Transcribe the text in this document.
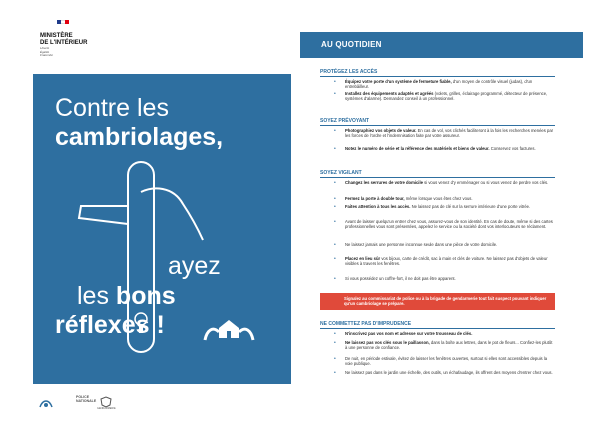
MINISTÈRE
DE L'INTÉRIEUR
Liberté
Égalité
Fraternité
Contre les
cambriolages,
ayez
les bons
réflexes !
POLICE
NATIONALE
GENDARMERIE
AU QUOTIDIEN
PROTÉGEZ LES ACCÈS
• Équipez votre porte d'un système de fermeture fiable, d'un moyen de contrôle visuel (judas), d'un entrebâilleur.
• Installez des équipements adaptés et agréés (volets, grilles, éclairage programmé, détecteur de présence, systèmes d'alarme). Demandez conseil à un professionnel.
SOYEZ PRÉVOYANT
• Photographiez vos objets de valeur. En cas de vol, vos clichés faciliteront à la fois les recherches menées par les forces de l'ordre et l'indemnisation faite par votre assureur.
• Notez le numéro de série et la référence des matériels et biens de valeur. Conservez vos factures.
SOYEZ VIGILANT
• Changez les serrures de votre domicile si vous venez d'y emménager ou si vous venez de perdre vos clés.
• Fermez la porte à double tour, même lorsque vous êtes chez vous.
• Faites attention à tous les accès. Ne laissez pas de clé sur la serrure intérieure d'une porte vitrée.
• Avant de laisser quelqu'un entrer chez vous, assurez-vous de son identité. En cas de doute, même si des cartes professionnelles vous sont présentées, appelez le service ou la société dont vos interlocuteurs se réclament.
• Ne laissez jamais une personne inconnue seule dans une pièce de votre domicile.
• Placez en lieu sûr vos bijoux, carte de crédit, sac à main et clés de voiture. Ne laissez pas d'objets de valeur visibles à travers les fenêtres.
• Si vous possédez un coffre-fort, il ne doit pas être apparent.
NE COMMETTEZ PAS D'IMPRUDENCE
• N'inscrivez pas vos nom et adresse sur votre trousseau de clés.
• Ne laissez pas vos clés sous le paillasson, dans la boîte aux lettres, dans le pot de fleurs... Confiez-les plutôt à une personne de confiance.
• De nuit, en période estivale, évitez de laisser les fenêtres ouvertes, surtout si elles sont accessibles depuis la voie publique.
• Ne laissez pas dans le jardin une échelle, des outils, un échafaudage, ils offrent des moyens d'entrer chez vous.
Signalez au commissariat de police ou à la brigade de gendarmerie tout fait suspect pouvant indiquer qu'un cambriolage se prépare.
